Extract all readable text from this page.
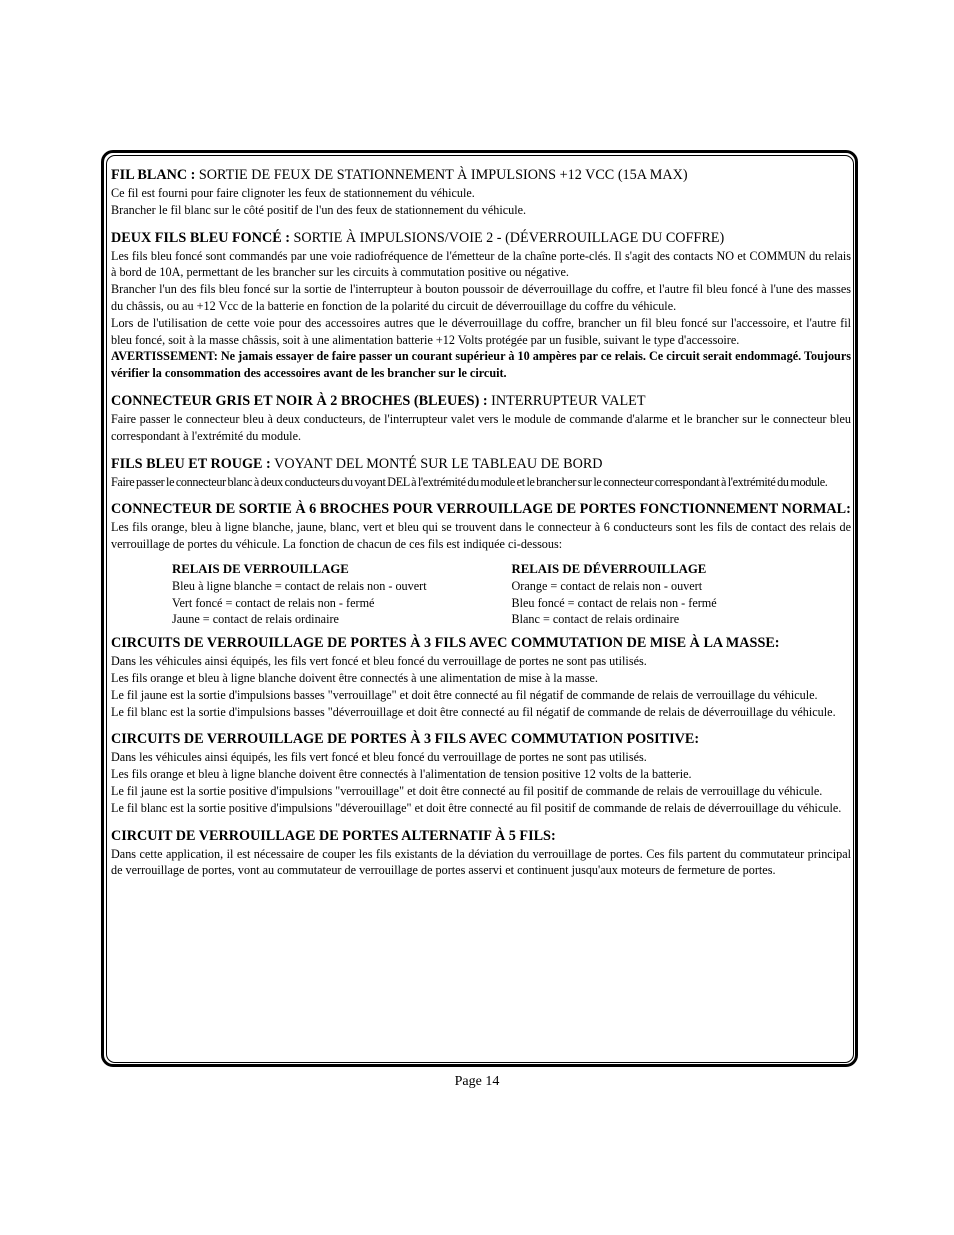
FIL BLANC : SORTIE DE FEUX DE STATIONNEMENT À IMPULSIONS +12 VCC (15A MAX)

Ce fil est fourni pour faire clignoter les feux de stationnement du véhicule.

Brancher le fil blanc sur le côté positif de l'un des feux de stationnement du véhicule.

DEUX FILS BLEU FONCÉ : SORTIE À IMPULSIONS/VOIE 2 - (DÉVERROUILLAGE DU COFFRE)

Les fils bleu foncé sont commandés par une voie radiofréquence de l'émetteur de la chaîne porte-clés. Il s'agit des contacts NO et COMMUN du relais à bord de 10A, permettant de les brancher sur les circuits à commutation positive ou négative.

Brancher l'un des fils bleu foncé sur la sortie de l'interrupteur à bouton poussoir de déverrouillage du coffre, et l'autre fil bleu foncé à l'une des masses du châssis, ou au +12 Vcc de la batterie en fonction de la polarité du circuit de déverrouillage du coffre du véhicule.

Lors de l'utilisation de cette voie pour des accessoires autres que le déverrouillage du coffre, brancher un fil bleu foncé sur l'accessoire, et l'autre fil bleu foncé, soit à la masse châssis, soit à une alimentation batterie +12 Volts protégée par un fusible, suivant le type d'accessoire.

AVERTISSEMENT: Ne jamais essayer de faire passer un courant supérieur à 10 ampères par ce relais. Ce circuit serait endommagé. Toujours vérifier la consommation des accessoires avant de les brancher sur le circuit.

CONNECTEUR GRIS ET NOIR À 2 BROCHES (BLEUES) : INTERRUPTEUR VALET

Faire passer le connecteur bleu à deux conducteurs, de l'interrupteur valet vers le module de commande d'alarme et le brancher sur le connecteur bleu correspondant à l'extrémité du module.

FILS BLEU ET ROUGE : VOYANT DEL MONTÉ SUR LE TABLEAU DE BORD

Faire passer le connecteur blanc à deux conducteurs du voyant DEL à l'extrémité du module et le brancher sur le connecteur correspondant à l'extrémité du module.

CONNECTEUR DE SORTIE À 6 BROCHES POUR VERROUILLAGE DE PORTES FONCTIONNEMENT NORMAL:

Les fils orange, bleu à ligne blanche, jaune, blanc, vert et bleu qui se trouvent dans le connecteur à 6 conducteurs sont les fils de contact des relais de verrouillage de portes du véhicule. La fonction de chacun de ces fils est indiquée ci-dessous:

RELAIS DE VERROUILLAGE
Bleu à ligne blanche = contact de relais non - ouvert
Vert foncé = contact de relais non - fermé
Jaune = contact de relais ordinaire
RELAIS DE DÉVERROUILLAGE
Orange = contact de relais non - ouvert
Bleu foncé = contact de relais non - fermé
Blanc = contact de relais ordinaire
CIRCUITS DE VERROUILLAGE DE PORTES À 3 FILS AVEC COMMUTATION DE MISE À LA MASSE:

Dans les véhicules ainsi équipés, les fils vert foncé et bleu foncé du verrouillage de portes ne sont pas utilisés.

Les fils orange et bleu à ligne blanche doivent être connectés à une alimentation de mise à la masse.

Le fil jaune est la sortie d'impulsions basses "verrouillage" et doit être connecté au fil négatif de commande de relais de verrouillage du véhicule.

Le fil blanc est la sortie d'impulsions basses "déverrouillage et doit être connecté au fil négatif de commande de relais de déverrouillage du véhicule.

CIRCUITS DE VERROUILLAGE DE PORTES À 3 FILS AVEC COMMUTATION POSITIVE:

Dans les véhicules ainsi équipés, les fils vert foncé et bleu foncé du verrouillage de portes ne sont pas utilisés.

Les fils orange et bleu à ligne blanche doivent être connectés à l'alimentation de tension positive 12 volts de la batterie.

Le fil jaune est la sortie positive d'impulsions "verrouillage" et doit être connecté au fil positif de commande de relais de verrouillage du véhicule.

Le fil blanc est la sortie positive d'impulsions "déverouillage" et doit être connecté au fil positif de commande de relais de déverrouillage du véhicule.

CIRCUIT DE VERROUILLAGE DE PORTES ALTERNATIF À 5 FILS:

Dans cette application, il est nécessaire de couper les fils existants de la déviation du verrouillage de portes. Ces fils partent du commutateur principal de verrouillage de portes, vont au commutateur de verrouillage de portes asservi et continuent jusqu'aux moteurs de fermeture de portes.

Page 14
